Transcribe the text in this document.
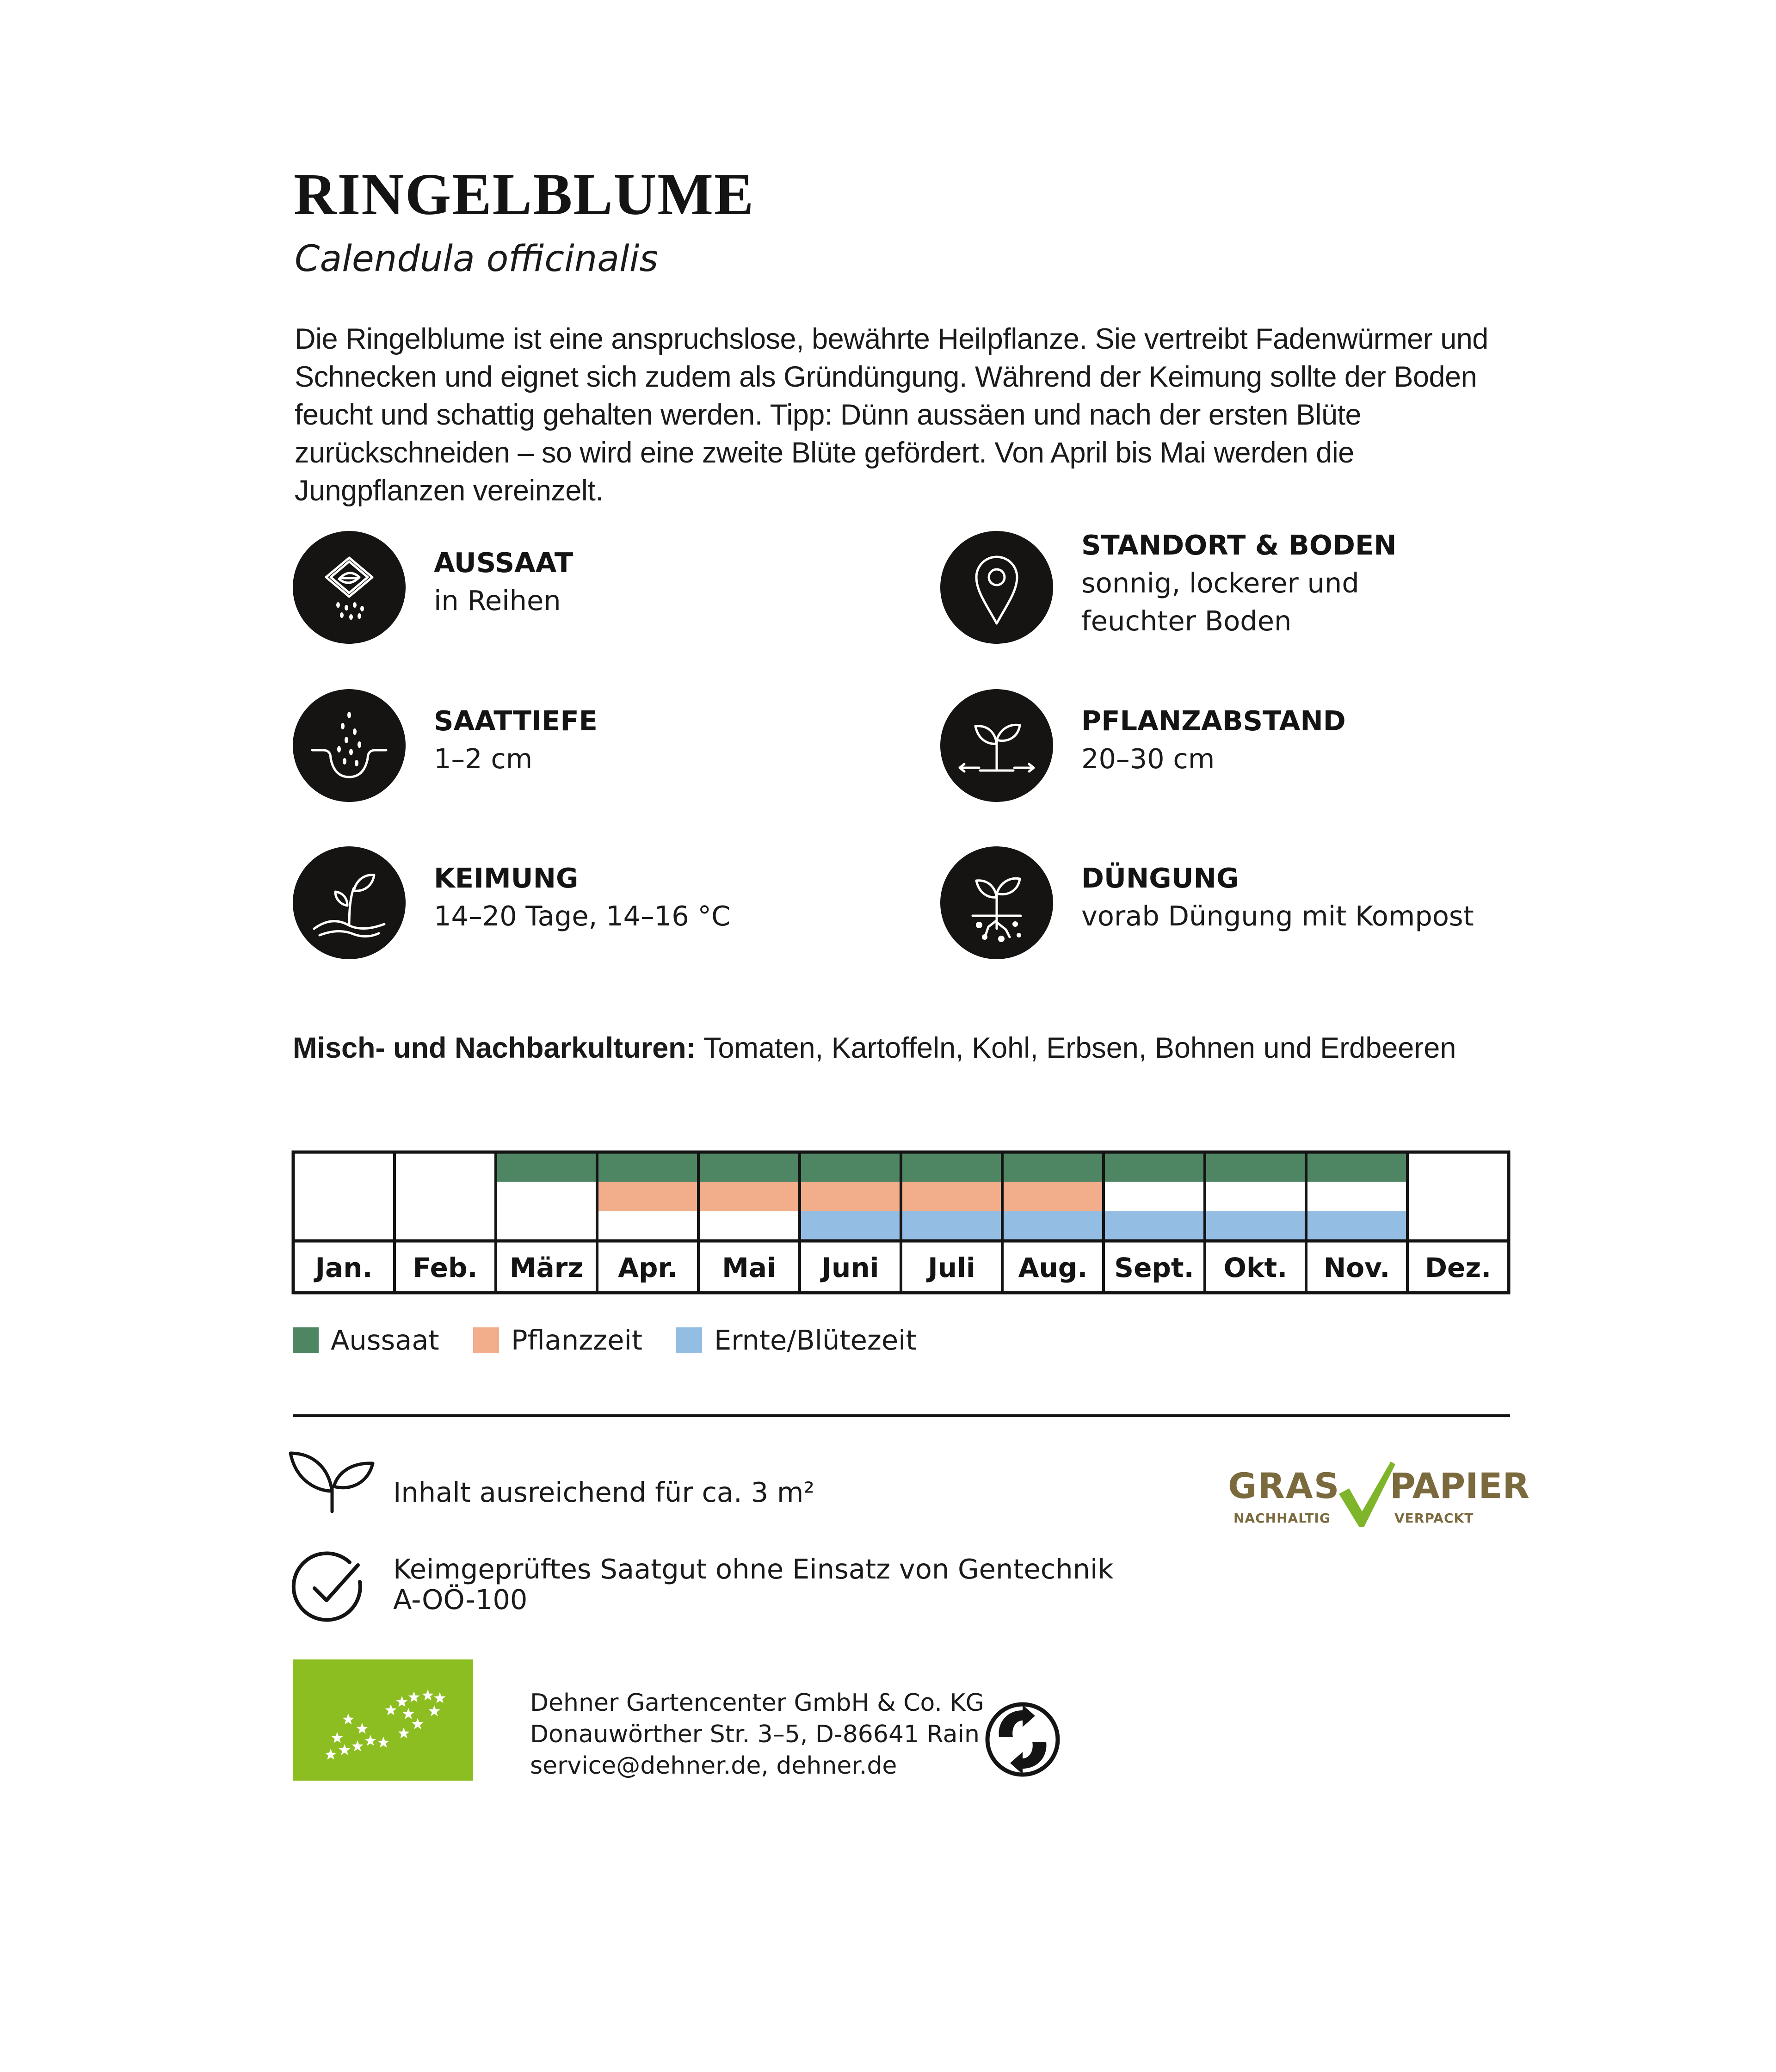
RINGELBLUME
Calendula officinalis
Die Ringelblume ist eine anspruchslose, bewährte Heilpflanze. Sie vertreibt Fadenwürmer und Schnecken und eignet sich zudem als Gründüngung. Während der Keimung sollte der Boden feucht und schattig gehalten werden. Tipp: Dünn aussäen und nach der ersten Blüte zurückschneiden – so wird eine zweite Blüte gefördert. Von April bis Mai werden die Jungpflanzen vereinzelt.
AUSSAAT
in Reihen
STANDORT & BODEN
sonnig, lockerer und feuchter Boden
SAATTIEFE
1–2 cm
PFLANZABSTAND
20–30 cm
KEIMUNG
14–20 Tage, 14–16 °C
DÜNGUNG
vorab Düngung mit Kompost
Misch- und Nachbarkulturen: Tomaten, Kartoffeln, Kohl, Erbsen, Bohnen und Erdbeeren
Jan. Feb. März Apr. Mai Juni Juli Aug. Sept. Okt. Nov. Dez.
Aussaat	Pflanzzeit	Ernte/Blütezeit
Inhalt ausreichend für ca. 3 m²
Keimgeprüftes Saatgut ohne Einsatz von Gentechnik
A-OÖ-100
GRAS PAPIER
NACHHALTIG	VERPACKT
Dehner Gartencenter GmbH & Co. KG
Donauwörther Str. 3–5, D-86641 Rain
service@dehner.de, dehner.de
